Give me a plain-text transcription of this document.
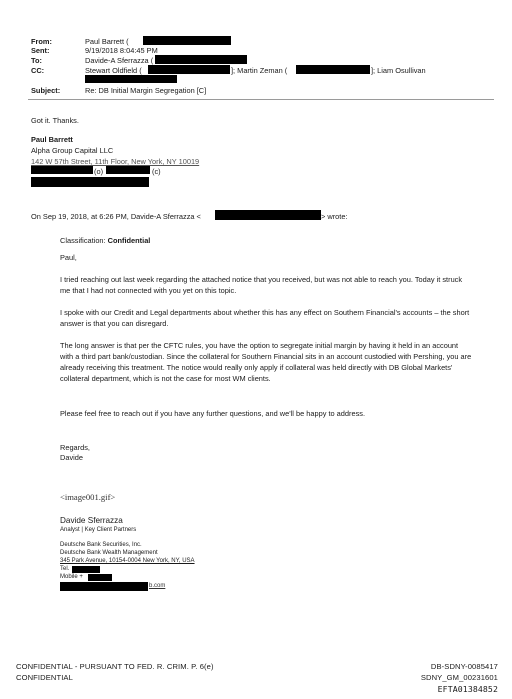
From:	Paul Barrett (
Sent:	9/19/2018 8:04:45 PM
To:	Davide-A Sferrazza (
CC:	Stewart Oldfield (	]; Martin Zeman (	]; Liam Osullivan
Subject:	Re: DB Initial Margin Segregation [C]
Got it. Thanks.
Paul Barrett
Alpha Group Capital LLC
142 W 57th Street, 11th Floor, New York, NY 10019
(o)	(c)
On Sep 19, 2018, at 6:26 PM, Davide-A Sferrazza <	> wrote:
Classification: Confidential
Paul,
I tried reaching out last week regarding the attached notice that you received, but was not able to reach you. Today it struck me that I had not connected with you yet on this topic.
I spoke with our Credit and Legal departments about whether this has any effect on Southern Financial's accounts – the short answer is that you can disregard.
The long answer is that per the CFTC rules, you have the option to segregate initial margin by having it held in an account with a third part bank/custodian. Since the collateral for Southern Financial sits in an account custodied with Pershing, you are already receiving this treatment. The notice would really only apply if collateral was held directly with DB Global Markets' collateral department, which is not the case for most WM clients.
Please feel free to reach out if you have any further questions, and we'll be happy to address.
Regards,
Davide
<image001.gif>
Davide Sferrazza
Analyst | Key Client Partners
Deutsche Bank Securities, Inc.
Deutsche Bank Wealth Management
345 Park Avenue, 10154-0004 New York, NY, USA
Tel.
Mobile +
b.com
CONFIDENTIAL - PURSUANT TO FED. R. CRIM. P. 6(e)
CONFIDENTIAL
DB-SDNY-0085417
SDNY_GM_00231601
EFTA01384852
